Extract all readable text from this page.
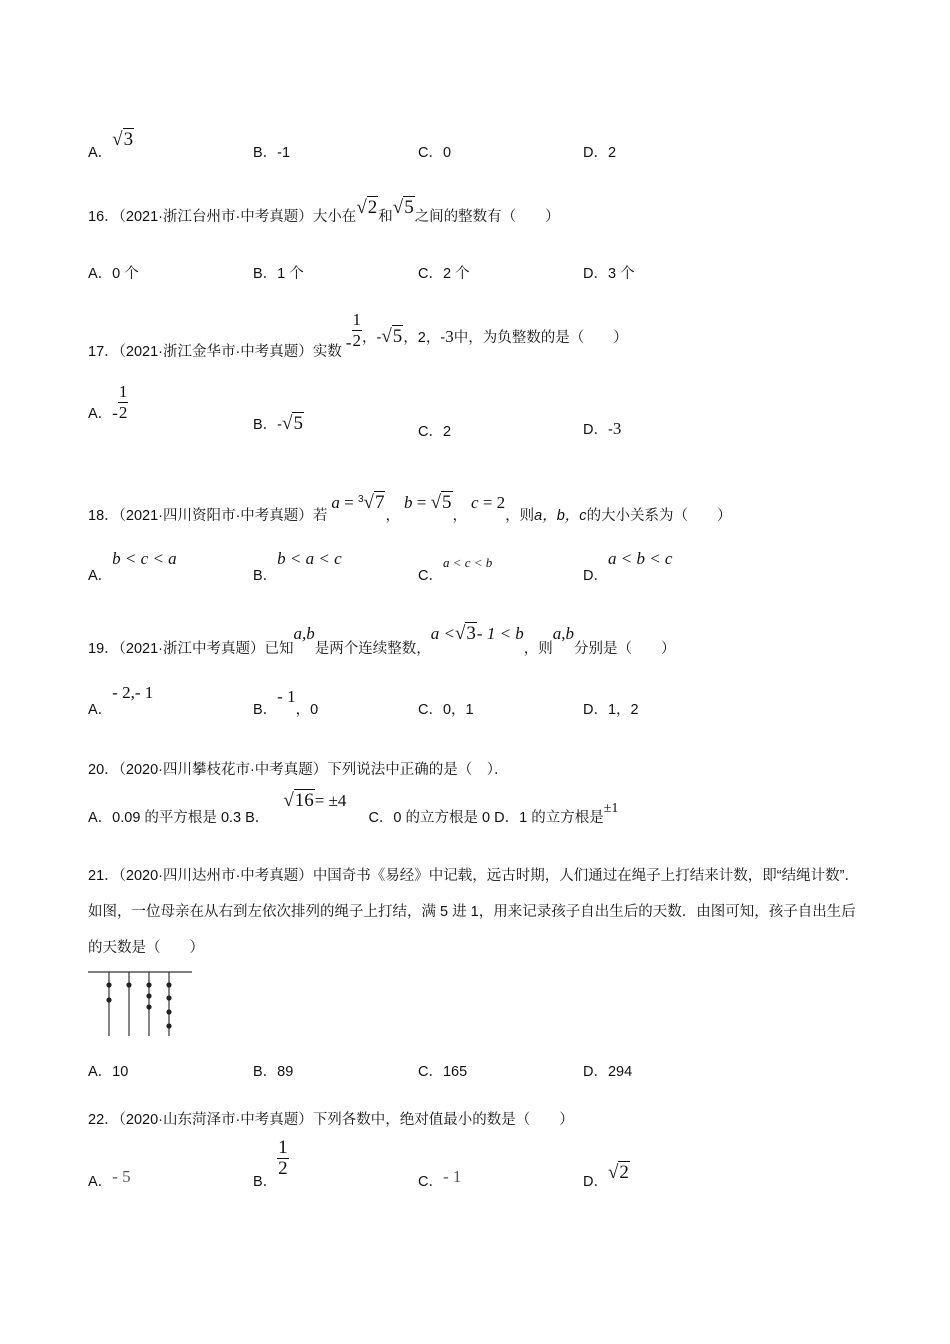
A．√3
B．-1	C．0	D．2
16．（2021·浙江台州市·中考真题）大小在√2和√5之间的整数有（　　）
A．0 个	B．1 个	C．2 个	D．3 个
17．（2021·浙江金华市·中考真题）实数 - $\frac{1}{2}$ ，-√5，2，-3中，为负整数的是（　　）
A．- $\frac{1}{2}$
B．-√5	C．2	D．-3
18．（2021·四川资阳市·中考真题）若 a = $^3$√7， b = √5， c = 2，则a，b，c的大小关系为（　　）
A．b < c < a
B．b < a < c
C．a < c < b
D．a < b < c
19．（2021·浙江中考真题）已知a,b是两个连续整数，a <√3- 1 < b，则a,b分别是（　　）
A．- 2,- 1
B．- 1，0	C．0，1	D．1，2
20．（2020·四川攀枝花市·中考真题）下列说法中正确的是（　）．
A．0.09 的平方根是 0.3 B．√16= ±4 C．0 的立方根是 0 D．1 的立方根是±1
21．（2020·四川达州市·中考真题）中国奇书《易经》中记载，远古时期，人们通过在绳子上打结来计数，即“结绳计数”．如图，一位母亲在从右到左依次排列的绳子上打结，满 5 进 1，用来记录孩子自出生后的天数．由图可知，孩子自出生后的天数是（　　）
A．10	B．89	C．165	D．294
22．（2020·山东菏泽市·中考真题）下列各数中，绝对值最小的数是（　　）
A．- 5	B．
$\frac{1}{2}$
C．- 1	D．√2
